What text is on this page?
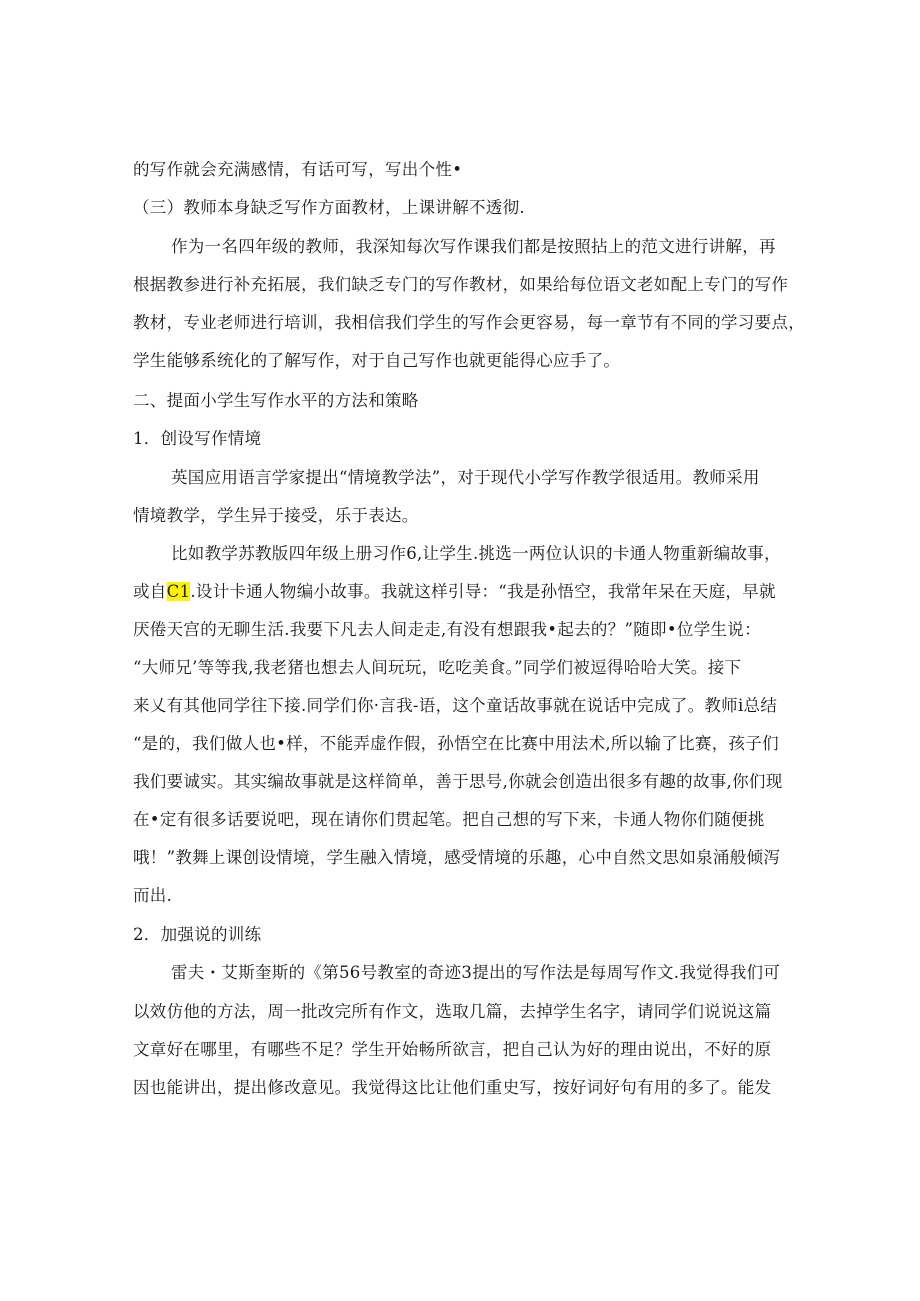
的写作就会充满感情，有话可写，写出个性•
（三）教师本身缺乏写作方面教材，上课讲解不透彻.
作为一名四年级的教师，我深知每次写作课我们都是按照拈上的范文进行讲解，再
根据教参进行补充拓展，我们缺乏专门的写作教材，如果给每位语文老如配上专门的写作
教材，专业老师进行培训，我相信我们学生的写作会更容易，每一章节有不同的学习要点，
学生能够系统化的了解写作，对于自己写作也就更能得心应手了。
二、提面小学生写作水平的方法和策略
1．创设写作情境
英国应用语言学家提出“情境教学法”，对于现代小学写作教学很适用。教师采用
情境教学，学生异于接受，乐于表达。
比如教学苏教版四年级上册习作6,让学生.挑选一两位认识的卡通人物重新编故事，
或自C1.设计卡通人物编小故事。我就这样引导：“我是孙悟空，我常年呆在天庭，早就
厌倦天宫的无聊生活.我要下凡去人间走走,有没有想跟我•起去的？”随即•位学生说：
“大师兄’等等我,我老猪也想去人间玩玩，吃吃美食。”同学们被逗得哈哈大笑。接下
来乂有其他同学往下接.同学们你·言我-语，这个童话故事就在说话中完成了。教师i总结
“是的，我们做人也•样，不能弄虚作假，孙悟空在比赛中用法术,所以输了比赛，孩子们
我们要诚实。其实编故事就是这样简单，善于思号,你就会创造出很多有趣的故事,你们现
在•定有很多话要说吧，现在请你们贯起笔。把自己想的写下来，卡通人物你们随便挑
哦！”教舞上课创设情境，学生融入情境，感受情境的乐趣，心中自然文思如泉涌般倾泻
而出.
2．加强说的训练
雷夫・艾斯奎斯的《第56号教室的奇迹3提出的写作法是每周写作文.我觉得我们可
以效仿他的方法，周一批改完所有作文，选取几篇，去掉学生名字，请同学们说说这篇
文章好在哪里，有哪些不足？学生开始畅所欲言，把自己认为好的理由说出，不好的原
因也能讲出，提出修改意见。我觉得这比让他们重史写，按好词好句有用的多了。能发
